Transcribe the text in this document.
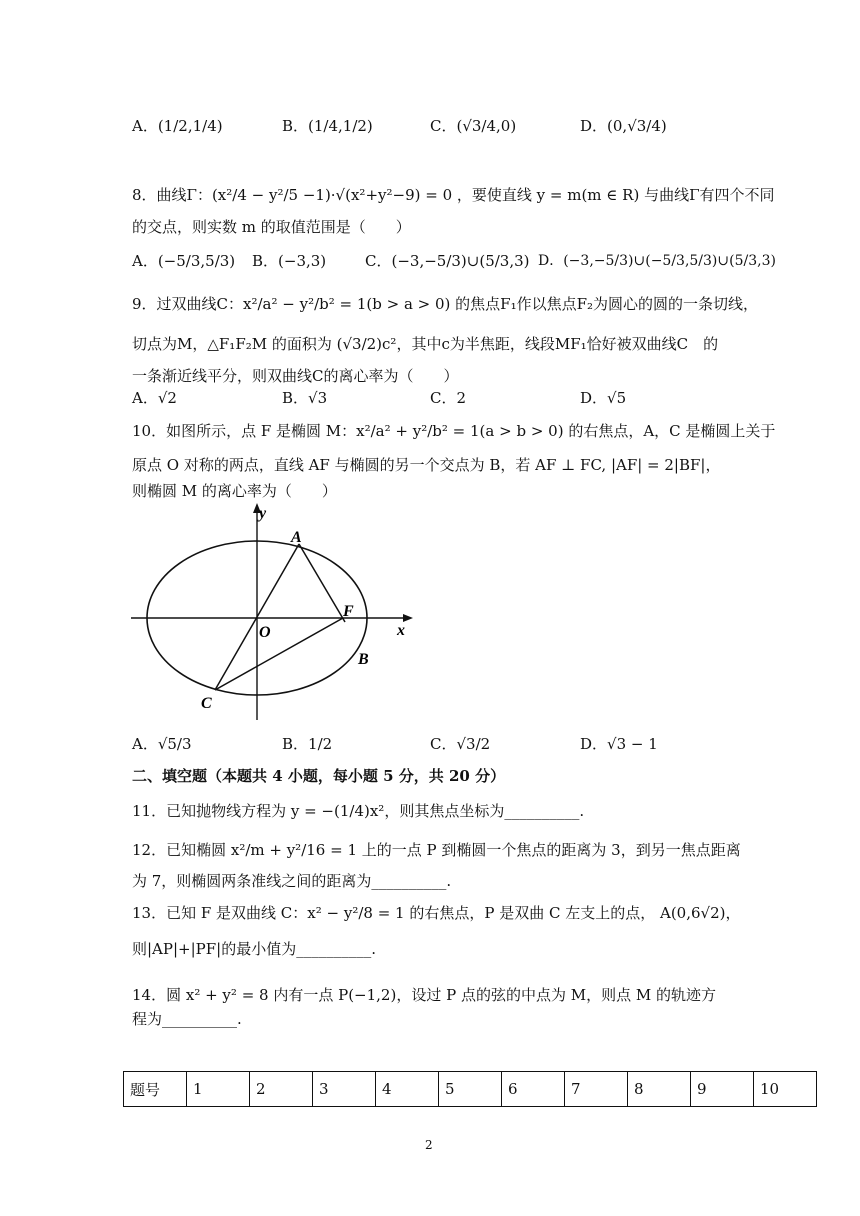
A．(1/2,1/4)	B．(1/4,1/2)	C．(√3/4,0)	D．(0,√3/4)
8．曲线Γ：(x²/4 − y²/5 −1)·√(x²+y²−9) = 0 ，要使直线 y = m(m ∈ R) 与曲线Γ有四个不同
的交点，则实数 m 的取值范围是（　　）
A．(−5/3,5/3) B．(−3,3)	C．(−3,−5/3)∪(5/3,3) D．(−3,−5/3)∪(−5/3,5/3)∪(5/3,3)
9．过双曲线C：x²/a² − y²/b² = 1(b > a > 0) 的焦点F₁作以焦点F₂为圆心的圆的一条切线，
切点为M，△F₁F₂M 的面积为 (√3/2)c²，其中c为半焦距，线段MF₁恰好被双曲线C　的
一条渐近线平分，则双曲线C的离心率为（　　）
A．√2	B．√3	C．2	D．√5
10．如图所示，点 F 是椭圆 M：x²/a² + y²/b² = 1(a > b > 0) 的右焦点，A，C 是椭圆上关于
原点 O 对称的两点，直线 AF 与椭圆的另一个交点为 B，若 AF ⊥ FC, |AF| = 2|BF|，
则椭圆 M 的离心率为（　　）
y
x
A
F
O
B
C
A．√5/3	B．1/2	C．√3/2	D．√3 − 1
二、填空题（本题共 4 小题，每小题 5 分，共 20 分）
11．已知抛物线方程为 y = −(1/4)x²，则其焦点坐标为__________.
12．已知椭圆 x²/m + y²/16 = 1 上的一点 P 到椭圆一个焦点的距离为 3，到另一焦点距离
为 7，则椭圆两条准线之间的距离为__________.
13．已知 F 是双曲线 C：x² − y²/8 = 1 的右焦点，P 是双曲 C 左支上的点， A(0,6√2)，
则|AP|+|PF|的最小值为__________.
14．圆 x² + y² = 8 内有一点 P(−1,2)，设过 P 点的弦的中点为 M，则点 M 的轨迹方
程为__________.
题号	1	2	3	4	5	6	7	8	9	10
2
